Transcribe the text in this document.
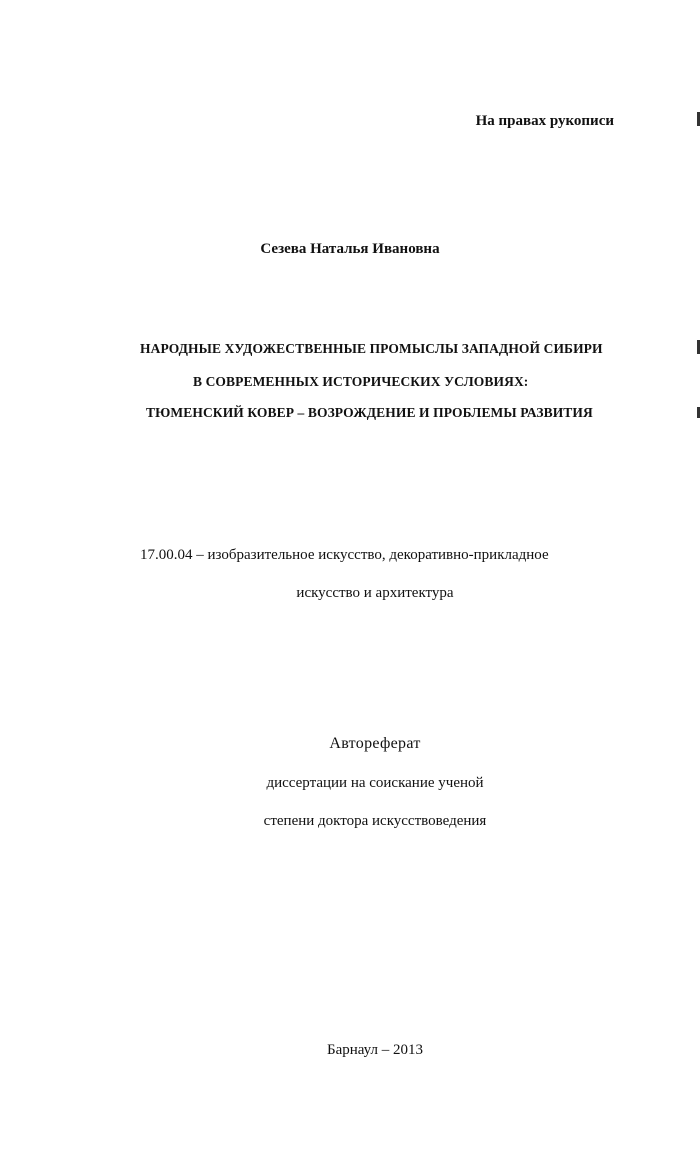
На правах рукописи
Сезева Наталья Ивановна
НАРОДНЫЕ ХУДОЖЕСТВЕННЫЕ ПРОМЫСЛЫ ЗАПАДНОЙ СИБИРИ
В СОВРЕМЕННЫХ ИСТОРИЧЕСКИХ УСЛОВИЯХ:
ТЮМЕНСКИЙ КОВЕР – ВОЗРОЖДЕНИЕ И ПРОБЛЕМЫ РАЗВИТИЯ
17.00.04 – изобразительное искусство, декоративно-прикладное
искусство и архитектура
Автореферат
диссертации на соискание ученой
степени доктора искусствоведения
Барнаул – 2013
